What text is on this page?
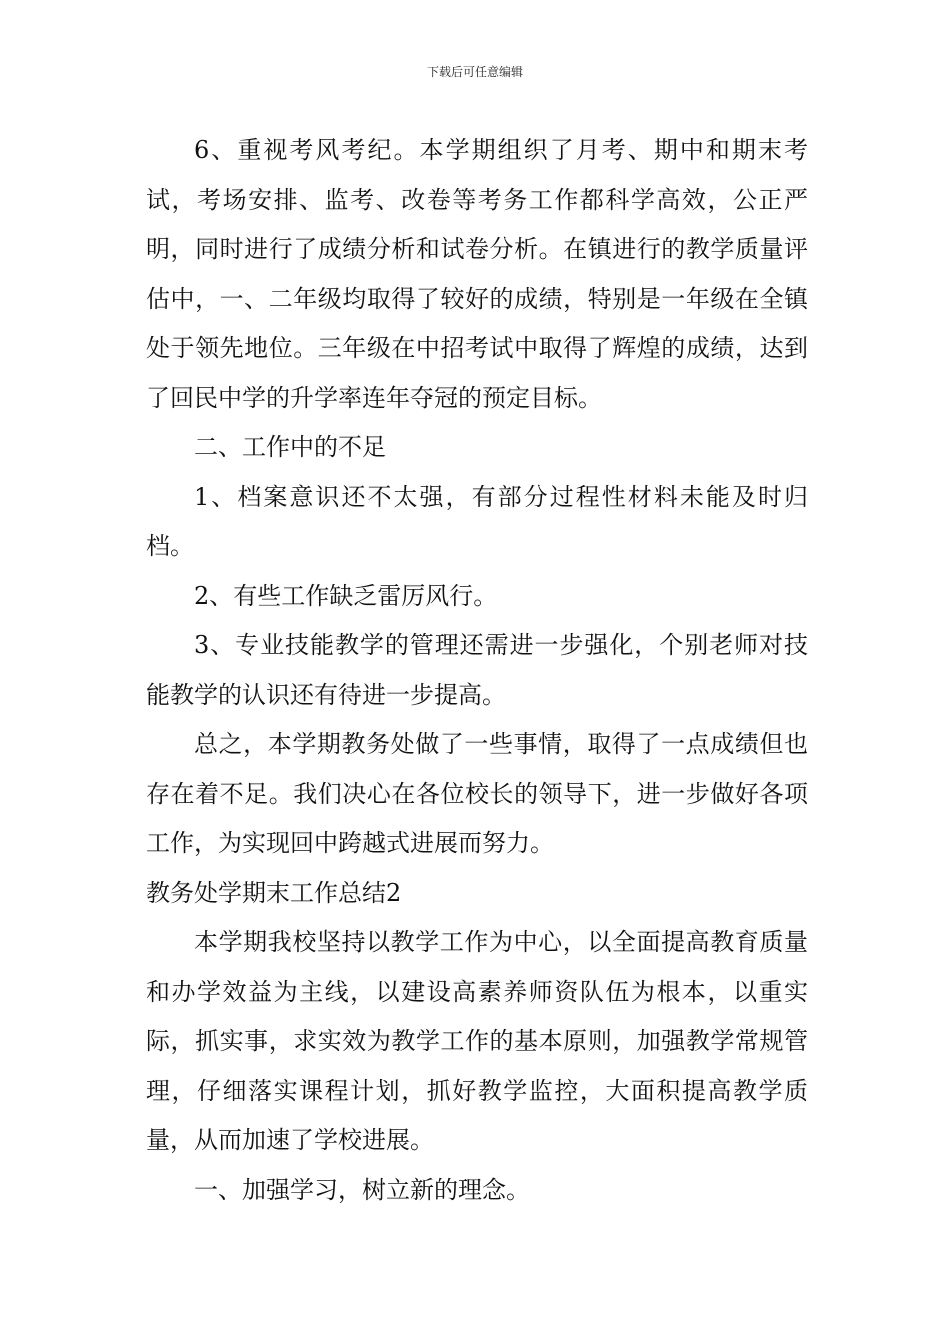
下载后可任意编辑

6、重视考风考纪。本学期组织了月考、期中和期末考试，考场安排、监考、改卷等考务工作都科学高效，公正严明，同时进行了成绩分析和试卷分析。在镇进行的教学质量评估中，一、二年级均取得了较好的成绩，特别是一年级在全镇处于领先地位。三年级在中招考试中取得了辉煌的成绩，达到了回民中学的升学率连年夺冠的预定目标。

二、工作中的不足

1、档案意识还不太强，有部分过程性材料未能及时归档。

2、有些工作缺乏雷厉风行。

3、专业技能教学的管理还需进一步强化，个别老师对技能教学的认识还有待进一步提高。

总之，本学期教务处做了一些事情，取得了一点成绩但也存在着不足。我们决心在各位校长的领导下，进一步做好各项工作，为实现回中跨越式进展而努力。

教务处学期末工作总结2

本学期我校坚持以教学工作为中心，以全面提高教育质量和办学效益为主线，以建设高素养师资队伍为根本，以重实际，抓实事，求实效为教学工作的基本原则，加强教学常规管理，仔细落实课程计划，抓好教学监控，大面积提高教学质量，从而加速了学校进展。

一、加强学习，树立新的理念。
